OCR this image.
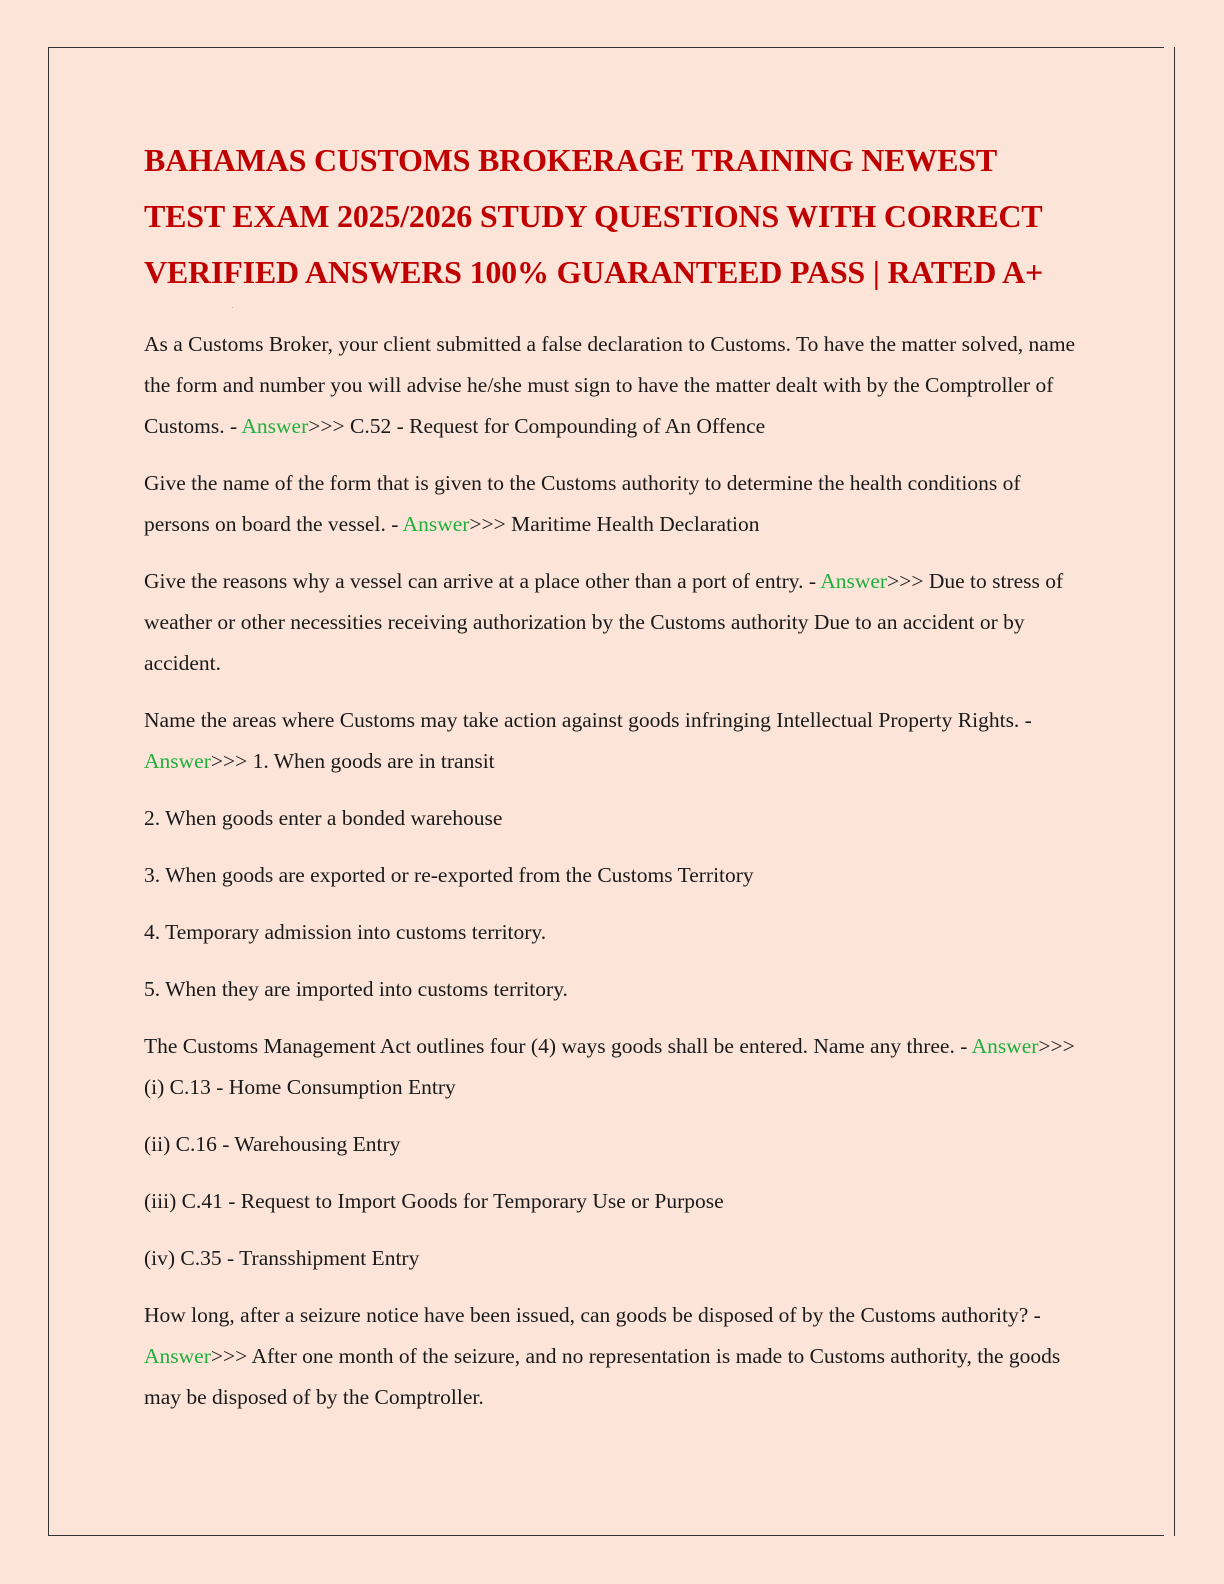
.
BAHAMAS CUSTOMS BROKERAGE TRAINING NEWEST TEST EXAM 2025/2026 STUDY QUESTIONS WITH CORRECT VERIFIED ANSWERS 100% GUARANTEED PASS | RATED A+

As a Customs Broker, your client submitted a false declaration to Customs. To have the matter solved, name the form and number you will advise he/she must sign to have the matter dealt with by the Comptroller of Customs. - Answer>>> C.52 - Request for Compounding of An Offence

Give the name of the form that is given to the Customs authority to determine the health conditions of persons on board the vessel. - Answer>>> Maritime Health Declaration

Give the reasons why a vessel can arrive at a place other than a port of entry. - Answer>>> Due to stress of weather or other necessities receiving authorization by the Customs authority Due to an accident or by accident.

Name the areas where Customs may take action against goods infringing Intellectual Property Rights. - Answer>>> 1. When goods are in transit

2. When goods enter a bonded warehouse

3. When goods are exported or re-exported from the Customs Territory

4. Temporary admission into customs territory.

5. When they are imported into customs territory.

The Customs Management Act outlines four (4) ways goods shall be entered. Name any three. - Answer>>> (i) C.13 - Home Consumption Entry

(ii) C.16 - Warehousing Entry

(iii) C.41 - Request to Import Goods for Temporary Use or Purpose

(iv) C.35 - Transshipment Entry

How long, after a seizure notice have been issued, can goods be disposed of by the Customs authority? - Answer>>> After one month of the seizure, and no representation is made to Customs authority, the goods may be disposed of by the Comptroller.
